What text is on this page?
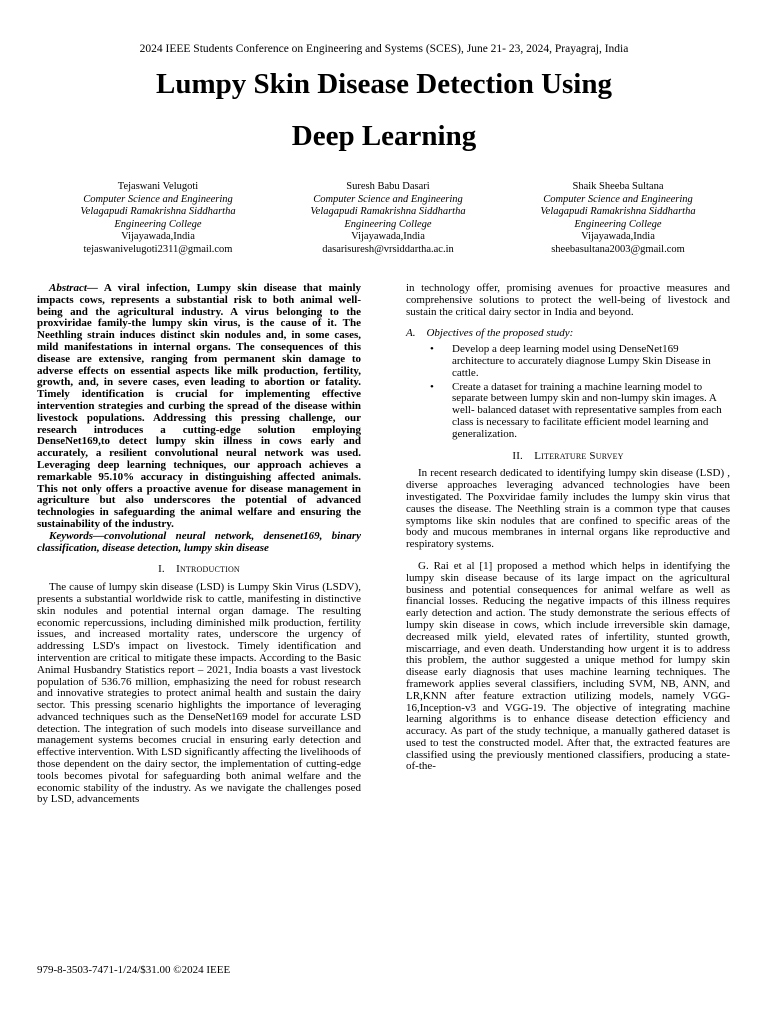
2024 IEEE Students Conference on Engineering and Systems (SCES), June 21- 23, 2024, Prayagraj, India
Lumpy Skin Disease Detection Using
Deep Learning
Tejaswani Velugoti
Computer Science and Engineering
Velagapudi Ramakrishna Siddhartha
Engineering College
Vijayawada,India
tejaswanivelugoti2311@gmail.com
Suresh Babu Dasari
Computer Science and Engineering
Velagapudi Ramakrishna Siddhartha
Engineering College
Vijayawada,India
dasarisuresh@vrsiddartha.ac.in
Shaik Sheeba Sultana
Computer Science and Engineering
Velagapudi Ramakrishna Siddhartha
Engineering College
Vijayawada,India
sheebasultana2003@gmail.com

Abstract— A viral infection, Lumpy skin disease that mainly impacts cows, represents a substantial risk to both animal well- being and the agricultural industry. A virus belonging to the proxviridae family-the lumpy skin virus, is the cause of it. The Neethling strain induces distinct skin nodules and, in some cases, mild manifestations in internal organs. The consequences of this disease are extensive, ranging from permanent skin damage to adverse effects on essential aspects like milk production, fertility, growth, and, in severe cases, even leading to abortion or fatality. Timely identification is crucial for implementing effective intervention strategies and curbing the spread of the disease within livestock populations. Addressing this pressing challenge, our research introduces a cutting-edge solution employing DenseNet169,to detect lumpy skin illness in cows early and accurately, a resilient convolutional neural network was used. Leveraging deep learning techniques, our approach achieves a remarkable 95.10% accuracy in distinguishing affected animals. This not only offers a proactive avenue for disease management in agriculture but also underscores the potential of advanced technologies in safeguarding the animal welfare and ensuring the sustainability of the industry.

Keywords—convolutional neural network, densenet169, binary classification, disease detection, lumpy skin disease

I. Introduction

The cause of lumpy skin disease (LSD) is Lumpy Skin Virus (LSDV), presents a substantial worldwide risk to cattle, manifesting in distinctive skin nodules and potential internal organ damage. The resulting economic repercussions, including diminished milk production, fertility issues, and increased mortality rates, underscore the urgency of addressing LSD's impact on livestock. Timely identification and intervention are critical to mitigate these impacts. According to the Basic Animal Husbandry Statistics report – 2021, India boasts a vast livestock population of 536.76 million, emphasizing the need for robust research and innovative strategies to protect animal health and sustain the dairy sector. This pressing scenario highlights the importance of leveraging advanced techniques such as the DenseNet169 model for accurate LSD detection. The integration of such models into disease surveillance and management systems becomes crucial in ensuring early detection and effective intervention. With LSD significantly affecting the livelihoods of those dependent on the dairy sector, the implementation of cutting-edge tools becomes pivotal for safeguarding both animal welfare and the economic stability of the industry. As we navigate the challenges posed by LSD, advancements

in technology offer, promising avenues for proactive measures and comprehensive solutions to protect the well-being of livestock and sustain the critical dairy sector in India and beyond.

A. Objectives of the proposed study:
• Develop a deep learning model using DenseNet169 architecture to accurately diagnose Lumpy Skin Disease in cattle.
• Create a dataset for training a machine learning model to separate between lumpy skin and non-lumpy skin images. A well- balanced dataset with representative samples from each class is necessary to facilitate efficient model learning and generalization.
II. Literature Survey

In recent research dedicated to identifying lumpy skin disease (LSD) , diverse approaches leveraging advanced technologies have been investigated. The Poxviridae family includes the lumpy skin virus that causes the disease. The Neethling strain is a common type that causes symptoms like skin nodules that are confined to specific areas of the body and mucous membranes in internal organs like reproductive and respiratory systems.

G. Rai et al [1] proposed a method which helps in identifying the lumpy skin disease because of its large impact on the agricultural business and potential consequences for animal welfare as well as financial losses. Reducing the negative impacts of this illness requires early detection and action. The study demonstrate the serious effects of lumpy skin disease in cows, which include irreversible skin damage, decreased milk yield, elevated rates of infertility, stunted growth, miscarriage, and even death. Understanding how urgent it is to address this problem, the author suggested a unique method for lumpy skin disease early diagnosis that uses machine learning techniques. The framework applies several classifiers, including SVM, NB, ANN, and LR,KNN after feature extraction utilizing models, namely VGG- 16,Inception-v3 and VGG-19. The objective of integrating machine learning algorithms is to enhance disease detection efficiency and accuracy. As part of the study technique, a manually gathered dataset is used to test the constructed model. After that, the extracted features are classified using the previously mentioned classifiers, producing a state-of-the-

979-8-3503-7471-1/24/$31.00 ©2024 IEEE
